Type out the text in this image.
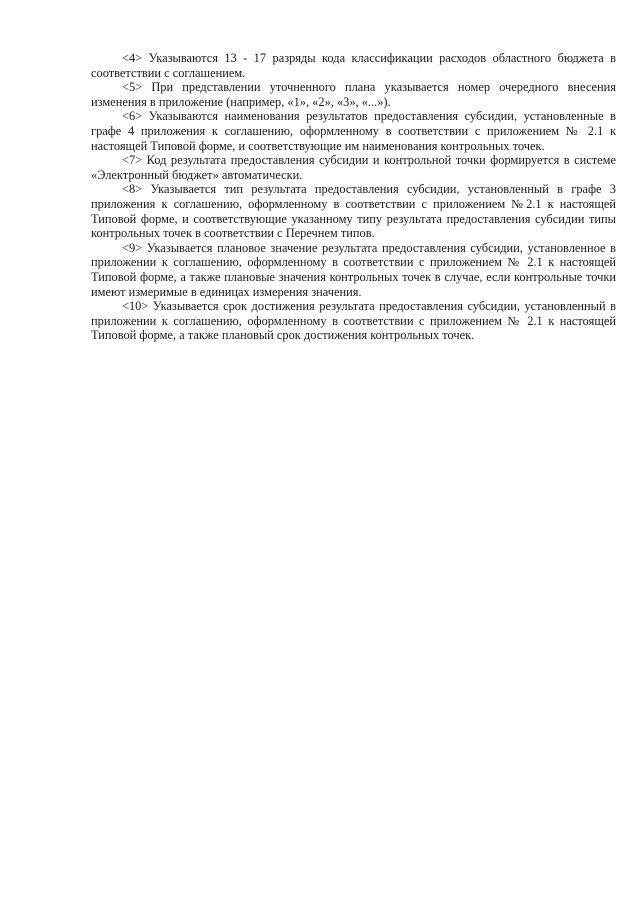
<4> Указываются 13 - 17 разряды кода классификации расходов областного бюджета в соответствии с соглашением.

<5> При представлении уточненного плана указывается номер очередного внесения изменения в приложение (например, «1», «2», «3», «...»).

<6> Указываются наименования результатов предоставления субсидии, установленные в графе 4 приложения к соглашению, оформленному в соответствии с приложением № 2.1 к настоящей Типовой форме, и соответствующие им наименования контрольных точек.

<7> Код результата предоставления субсидии и контрольной точки формируется в системе «Электронный бюджет» автоматически.

<8> Указывается тип результата предоставления субсидии, установленный в графе 3 приложения к соглашению, оформленному в соответствии с приложением №2.1 к настоящей Типовой форме, и соответствующие указанному типу результата предоставления субсидии типы контрольных точек в соответствии с Перечнем типов.

<9> Указывается плановое значение результата предоставления субсидии, установленное в приложении к соглашению, оформленному в соответствии с приложением № 2.1 к настоящей Типовой форме, а также плановые значения контрольных точек в случае, если контрольные точки имеют измеримые в единицах измерения значения.

<10> Указывается срок достижения результата предоставления субсидии, установленный в приложении к соглашению, оформленному в соответствии с приложением № 2.1 к настоящей Типовой форме, а также плановый срок достижения контрольных точек.
